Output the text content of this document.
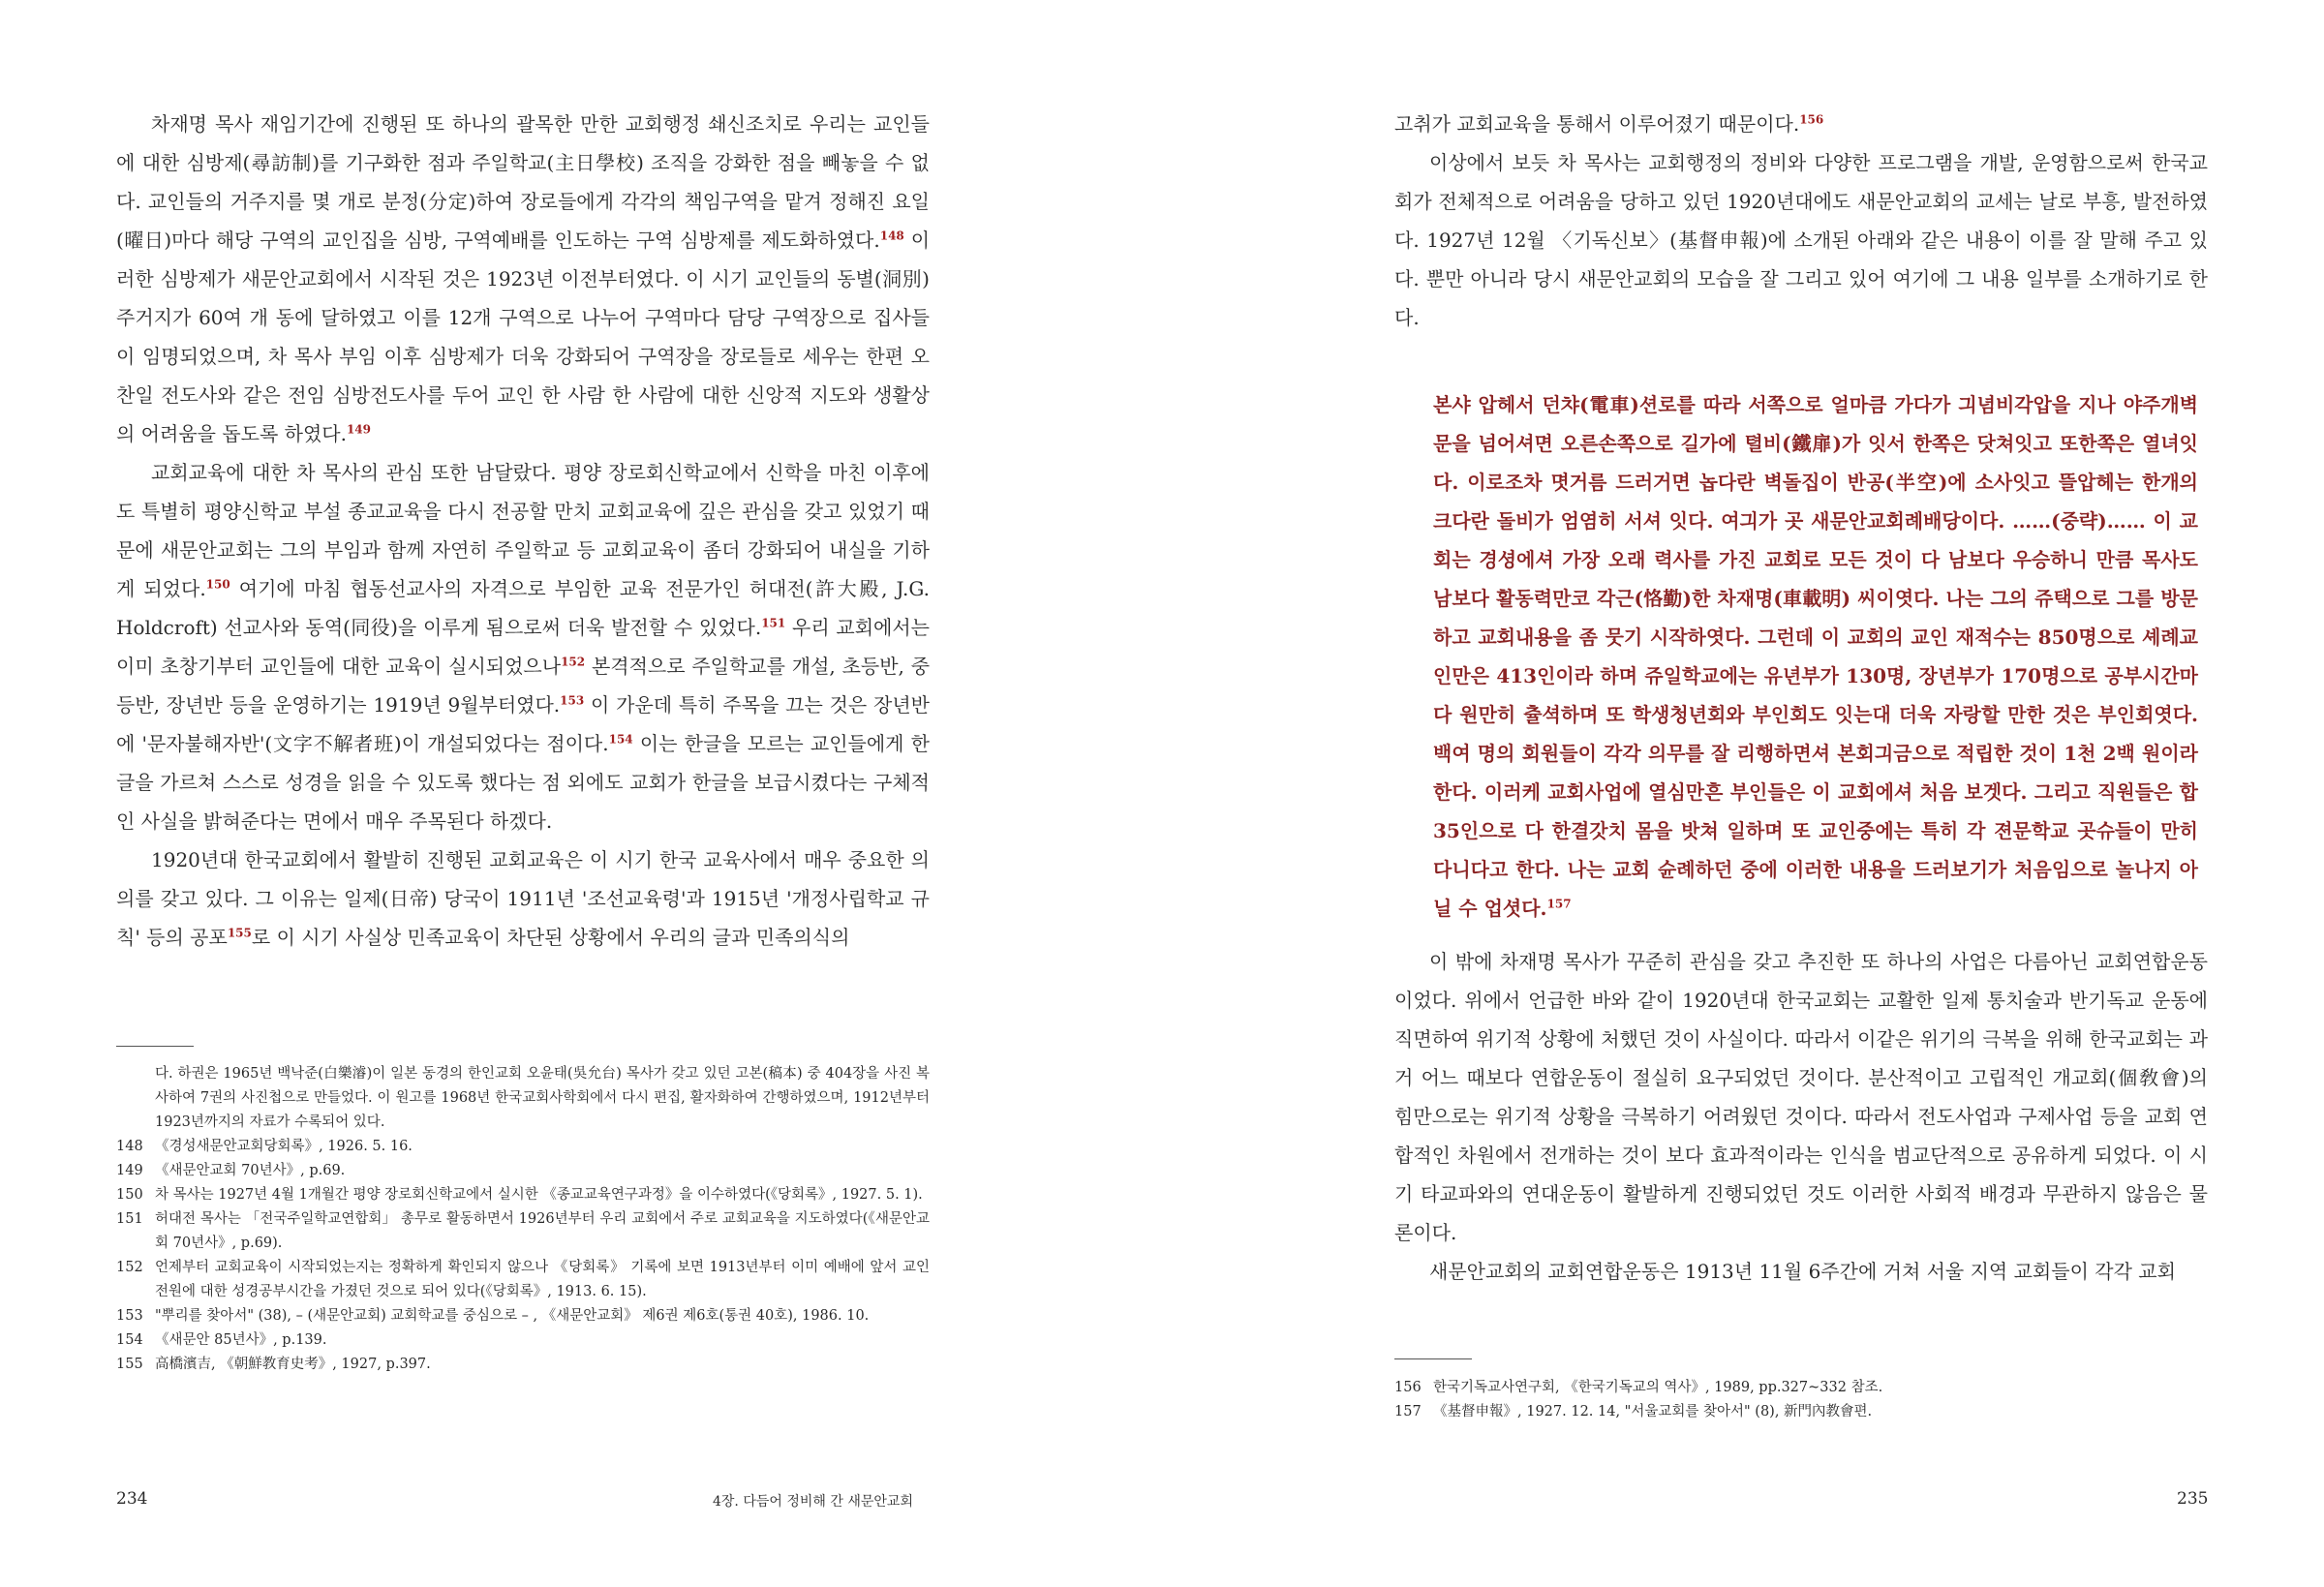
차재명 목사 재임기간에 진행된 또 하나의 괄목한 만한 교회행정 쇄신조치로 우리는 교인들에 대한 심방제(尋訪制)를 기구화한 점과 주일학교(主日學校) 조직을 강화한 점을 빼놓을 수 없다. 교인들의 거주지를 몇 개로 분정(分定)하여 장로들에게 각각의 책임구역을 맡겨 정해진 요일(曜日)마다 해당 구역의 교인집을 심방, 구역예배를 인도하는 구역 심방제를 제도화하였다.$^{148}$ 이러한 심방제가 새문안교회에서 시작된 것은 1923년 이전부터였다. 이 시기 교인들의 동별(洞別) 주거지가 60여 개 동에 달하였고 이를 12개 구역으로 나누어 구역마다 담당 구역장으로 집사들이 임명되었으며, 차 목사 부임 이후 심방제가 더욱 강화되어 구역장을 장로들로 세우는 한편 오찬일 전도사와 같은 전임 심방전도사를 두어 교인 한 사람 한 사람에 대한 신앙적 지도와 생활상의 어려움을 돕도록 하였다.$^{149}$

교회교육에 대한 차 목사의 관심 또한 남달랐다. 평양 장로회신학교에서 신학을 마친 이후에도 특별히 평양신학교 부설 종교교육을 다시 전공할 만치 교회교육에 깊은 관심을 갖고 있었기 때문에 새문안교회는 그의 부임과 함께 자연히 주일학교 등 교회교육이 좀더 강화되어 내실을 기하게 되었다.$^{150}$ 여기에 마침 협동선교사의 자격으로 부임한 교육 전문가인 허대전(許大殿, J.G. Holdcroft) 선교사와 동역(同役)을 이루게 됨으로써 더욱 발전할 수 있었다.$^{151}$ 우리 교회에서는 이미 초창기부터 교인들에 대한 교육이 실시되었으나$^{152}$ 본격적으로 주일학교를 개설, 초등반, 중등반, 장년반 등을 운영하기는 1919년 9월부터였다.$^{153}$ 이 가운데 특히 주목을 끄는 것은 장년반에 '문자불해자반'(文字不解者班)이 개설되었다는 점이다.$^{154}$ 이는 한글을 모르는 교인들에게 한글을 가르쳐 스스로 성경을 읽을 수 있도록 했다는 점 외에도 교회가 한글을 보급시켰다는 구체적인 사실을 밝혀준다는 면에서 매우 주목된다 하겠다.

1920년대 한국교회에서 활발히 진행된 교회교육은 이 시기 한국 교육사에서 매우 중요한 의의를 갖고 있다. 그 이유는 일제(日帝) 당국이 1911년 '조선교육령'과 1915년 '개정사립학교 규칙' 등의 공포$^{155}$로 이 시기 사실상 민족교육이 차단된 상황에서 우리의 글과 민족의식의

다. 하권은 1965년 백낙준(白樂濬)이 일본 동경의 한인교회 오윤태(吳允台) 목사가 갖고 있던 고본(稿本) 중 404장을 사진 복사하여 7권의 사진첩으로 만들었다. 이 원고를 1968년 한국교회사학회에서 다시 편집, 활자화하여 간행하였으며, 1912년부터 1923년까지의 자료가 수록되어 있다.
148 《경성새문안교회당회록》, 1926. 5. 16.
149 《새문안교회 70년사》, p.69.
150 차 목사는 1927년 4월 1개월간 평양 장로회신학교에서 실시한 《종교교육연구과정》을 이수하였다(《당회록》, 1927. 5. 1).
151 허대전 목사는 「전국주일학교연합회」 총무로 활동하면서 1926년부터 우리 교회에서 주로 교회교육을 지도하였다(《새문안교회 70년사》, p.69).
152 언제부터 교회교육이 시작되었는지는 정확하게 확인되지 않으나 《당회록》 기록에 보면 1913년부터 이미 예배에 앞서 교인 전원에 대한 성경공부시간을 가졌던 것으로 되어 있다(《당회록》, 1913. 6. 15).
153 "뿌리를 찾아서" (38), – (새문안교회) 교회학교를 중심으로 – , 《새문안교회》 제6권 제6호(통권 40호), 1986. 10.
154 《새문안 85년사》, p.139.
155 高橋濱吉, 《朝鮮教育史考》, 1927, p.397.
234	4장. 다듬어 정비해 간 새문안교회

고취가 교회교육을 통해서 이루어졌기 때문이다.$^{156}$

이상에서 보듯 차 목사는 교회행정의 정비와 다양한 프로그램을 개발, 운영함으로써 한국교회가 전체적으로 어려움을 당하고 있던 1920년대에도 새문안교회의 교세는 날로 부흥, 발전하였다. 1927년 12월 〈기독신보〉(基督申報)에 소개된 아래와 같은 내용이 이를 잘 말해 주고 있다. 뿐만 아니라 당시 새문안교회의 모습을 잘 그리고 있어 여기에 그 내용 일부를 소개하기로 한다.

본샤 압헤서 던챠(電車)션로를 따라 서쪽으로 얼마큼 가다가 긔념비각압을 지나 야주개벽문을 넘어셔면 오른손쪽으로 길가에 텰비(鐵扉)가 잇서 한쪽은 닷쳐잇고 또한쪽은 열녀잇다. 이로조차 몃거름 드러거면 놉다란 벽돌집이 반공(半空)에 소사잇고 뜰압헤는 한개의 크다란 돌비가 엄염히 서셔 잇다. 여긔가 곳 새문안교회례배당이다. ……(중략)…… 이 교회는 경셩에셔 가장 오래 력사를 가진 교회로 모든 것이 다 남보다 우승하니 만큼 목사도 남보다 활동력만코 각근(恪勤)한 차재명(車載明) 씨이엿다. 나는 그의 쥬택으로 그를 방문하고 교회내용을 좀 뭇기 시작하엿다. 그런데 이 교회의 교인 재적수는 850명으로 셰례교인만은 413인이라 하며 쥬일학교에는 유년부가 130명, 장년부가 170명으로 공부시간마다 원만히 츌셕하며 또 학생청년회와 부인회도 잇는대 더욱 자랑할 만한 것은 부인회엿다. 백여 명의 회원들이 각각 의무를 잘 리행하면셔 본회긔금으로 적립한 것이 1천 2백 원이라 한다. 이러케 교회사업에 열심만흔 부인들은 이 교회에셔 처음 보겟다. 그리고 직원들은 합 35인으로 다 한결갓치 몸을 밧쳐 일하며 또 교인중에는 특히 각 젼문학교 곳슈들이 만히 다니다고 한다. 나는 교회 슌례하던 중에 이러한 내용을 드러보기가 처음임으로 놀나지 아닐 수 업셧다.$^{157}$

이 밖에 차재명 목사가 꾸준히 관심을 갖고 추진한 또 하나의 사업은 다름아닌 교회연합운동이었다. 위에서 언급한 바와 같이 1920년대 한국교회는 교활한 일제 통치술과 반기독교 운동에 직면하여 위기적 상황에 처했던 것이 사실이다. 따라서 이같은 위기의 극복을 위해 한국교회는 과거 어느 때보다 연합운동이 절실히 요구되었던 것이다. 분산적이고 고립적인 개교회(個敎會)의 힘만으로는 위기적 상황을 극복하기 어려웠던 것이다. 따라서 전도사업과 구제사업 등을 교회 연합적인 차원에서 전개하는 것이 보다 효과적이라는 인식을 범교단적으로 공유하게 되었다. 이 시기 타교파와의 연대운동이 활발하게 진행되었던 것도 이러한 사회적 배경과 무관하지 않음은 물론이다.

새문안교회의 교회연합운동은 1913년 11월 6주간에 거쳐 서울 지역 교회들이 각각 교회

156 한국기독교사연구회, 《한국기독교의 역사》, 1989, pp.327~332 참조.
157 《基督申報》, 1927. 12. 14, "서울교회를 찾아서" (8), 新門內教會편.
235
